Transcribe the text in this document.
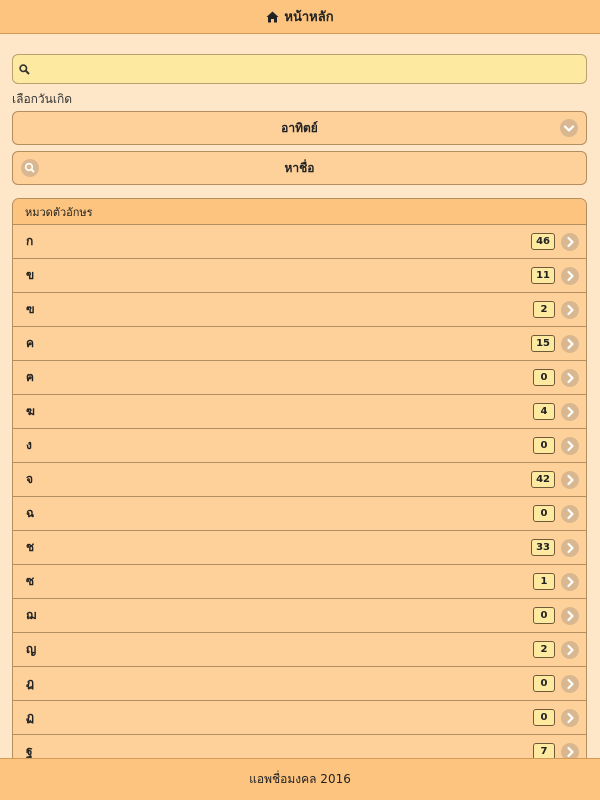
หน้าหลัก
เลือกวันเกิด
อาทิตย์
หาชื่อ
หมวดตัวอักษร
ก	46
ข	11
ฃ	2
ค	15
ฅ	0
ฆ	4
ง	0
จ	42
ฉ	0
ช	33
ซ	1
ฌ	0
ญ	2
ฎ	0
ฏ	0
ฐ	7
แอพชื่อมงคล 2016
